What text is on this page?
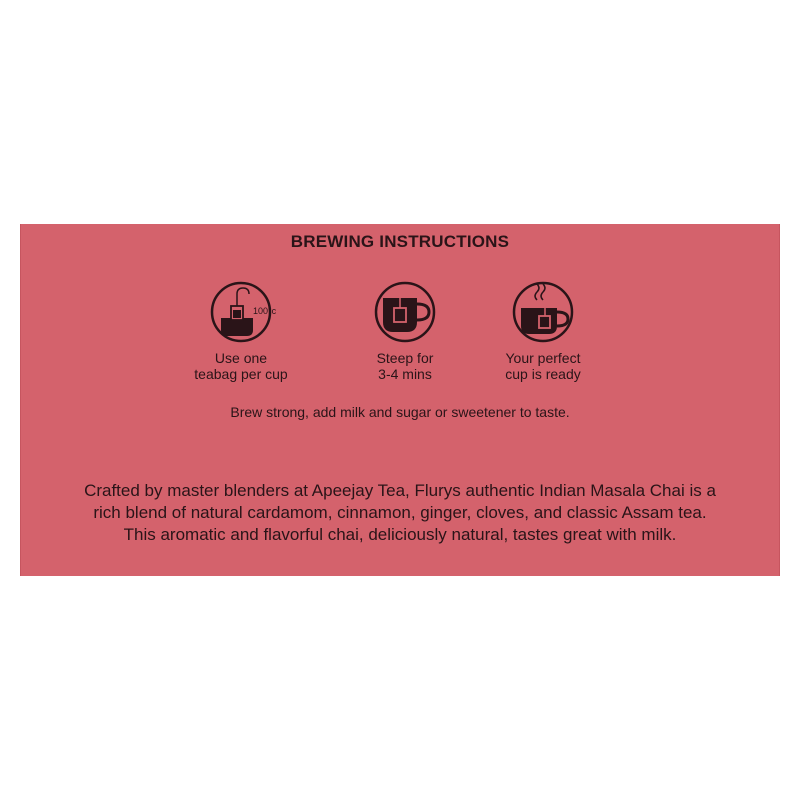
BREWING INSTRUCTIONS
100°c
Use one
teabag per cup
Steep for
3-4 mins
Your perfect
cup is ready
Brew strong, add milk and sugar or sweetener to taste.
Crafted by master blenders at Apeejay Tea, Flurys authentic Indian Masala Chai is a
rich blend of natural cardamom, cinnamon, ginger, cloves, and classic Assam tea.
This aromatic and flavorful chai, deliciously natural, tastes great with milk.
